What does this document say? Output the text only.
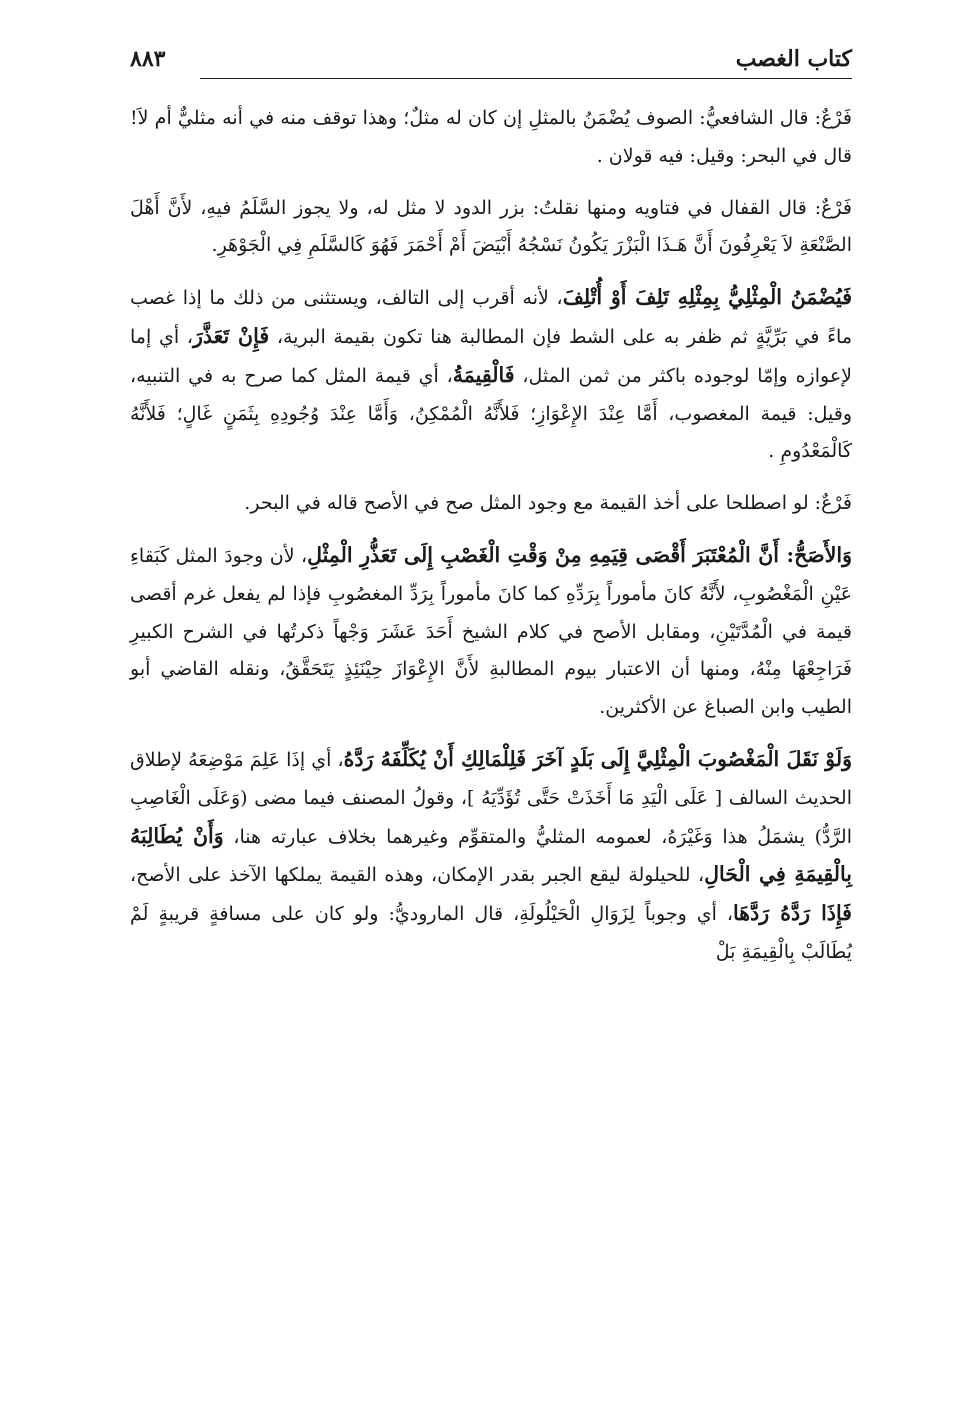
كتاب الغصب
٨٨٣

فَرْعٌ: قال الشافعيُّ: الصوف يُضْمَنُ بالمثلِ إن كان له مثلٌ؛ وهذا توقف منه في أنه مثليٌّ أم لاَ! قال في البحر: وقيل: فيه قولان .

فَرْعٌ: قال القفال في فتاويه ومنها نقلتُ: بزر الدود لا مثل له، ولا يجوز السَّلَمُ فيهِ، لأَنَّ أَهْلَ الصَّنْعَةِ لاَ يَعْرِفُونَ أَنَّ هَـذَا الْبَزْرَ يَكُونُ نَسْجُهُ أَبْيَضَ أَمْ أَحْمَرَ فَهُوَ كَالسَّلَمِ فِي الْجَوْهَرِ.

فَيُضْمَنُ الْمِثْلِيُّ بِمِثْلِهِ تَلِفَ أَوْ أُتْلِفَ، لأنه أقرب إلى التالف، ويستثنى من ذلك ما إذا غصب ماءً في بَرِّيَّةٍ ثم ظفر به على الشط فإن المطالبة هنا تكون بقيمة البرية، فَإِنْ تَعَذَّرَ، أي إما لإعوازه وإمّا لوجوده باكثر من ثمن المثل، فَالْقِيمَةُ، أي قيمة المثل كما صرح به في التنبيه، وقيل: قيمة المغصوب، أَمَّا عِنْدَ الإِعْوَازِ؛ فَلأَنَّهُ الْمُمْكِنُ، وَأَمَّا عِنْدَ وُجُودِهِ بِثَمَنٍ غَالٍ؛ فَلأَنَّهُ كَالْمَعْدُومِ .

فَرْعٌ: لو اصطلحا على أخذ القيمة مع وجود المثل صح في الأصح قاله في البحر.

وَالأَصَحُّ: أَنَّ الْمُعْتَبَرَ أَقْصَى قِيَمِهِ مِنْ وَقْتِ الْغَصْبِ إِلَى تَعَذُّرِ الْمِثْلِ، لأن وجودَ المثل كَبَقاءِ عَيْنِ الْمَغْصُوبِ، لأَنَّهُ كانَ مأموراً بِرَدِّهِ كما كانَ مأموراً بِرَدِّ المغصُوبِ فإذا لم يفعل غرم أقصى قيمة في الْمُدَّتَيْنِ، ومقابل الأصح في كلام الشيخ أَحَدَ عَشَرَ وَجْهاً ذكرتُها في الشرح الكبيرِ فَرَاجِعْهَا مِنْهُ، ومنها أن الاعتبار بيوم المطالبةِ لأَنَّ الإِعْوَازَ حِيْنَئِذٍ يَتَحَقَّقُ، ونقله القاضي أبو الطيب وابن الصباغ عن الأكثرين.

وَلَوْ نَقَلَ الْمَغْصُوبَ الْمِثْلِيَّ إِلَى بَلَدٍ آخَرَ فَلِلْمَالِكِ أَنْ يُكَلِّفَهُ رَدَّهُ، أي إذَا عَلِمَ مَوْضِعَهُ لإطلاق الحديث السالف [ عَلَى الْيَدِ مَا أَخَذَتْ حَتَّى تُؤَدِّيَهُ ]، وقولُ المصنف فيما مضى (وَعَلَى الْغَاصِبِ الرَّدُّ) يشمَلُ هذا وَغَيْرَهُ، لعمومه المثليُّ والمتقوِّم وغيرهما بخلاف عبارته هنا، وَأَنْ يُطَالِبَهُ بِالْقِيمَةِ فِي الْحَالِ، للحيلولة ليقع الجبر بقدر الإمكان، وهذه القيمة يملكها الآخذ على الأصح، فَإِذَا رَدَّهُ رَدَّهَا، أي وجوباً لِزَوَالِ الْحَيْلُولَةِ، قال الماروديُّ: ولو كان على مسافةٍ قريبةٍ لَمْ يُطَالَبْ بِالْقِيمَةِ بَلْ
